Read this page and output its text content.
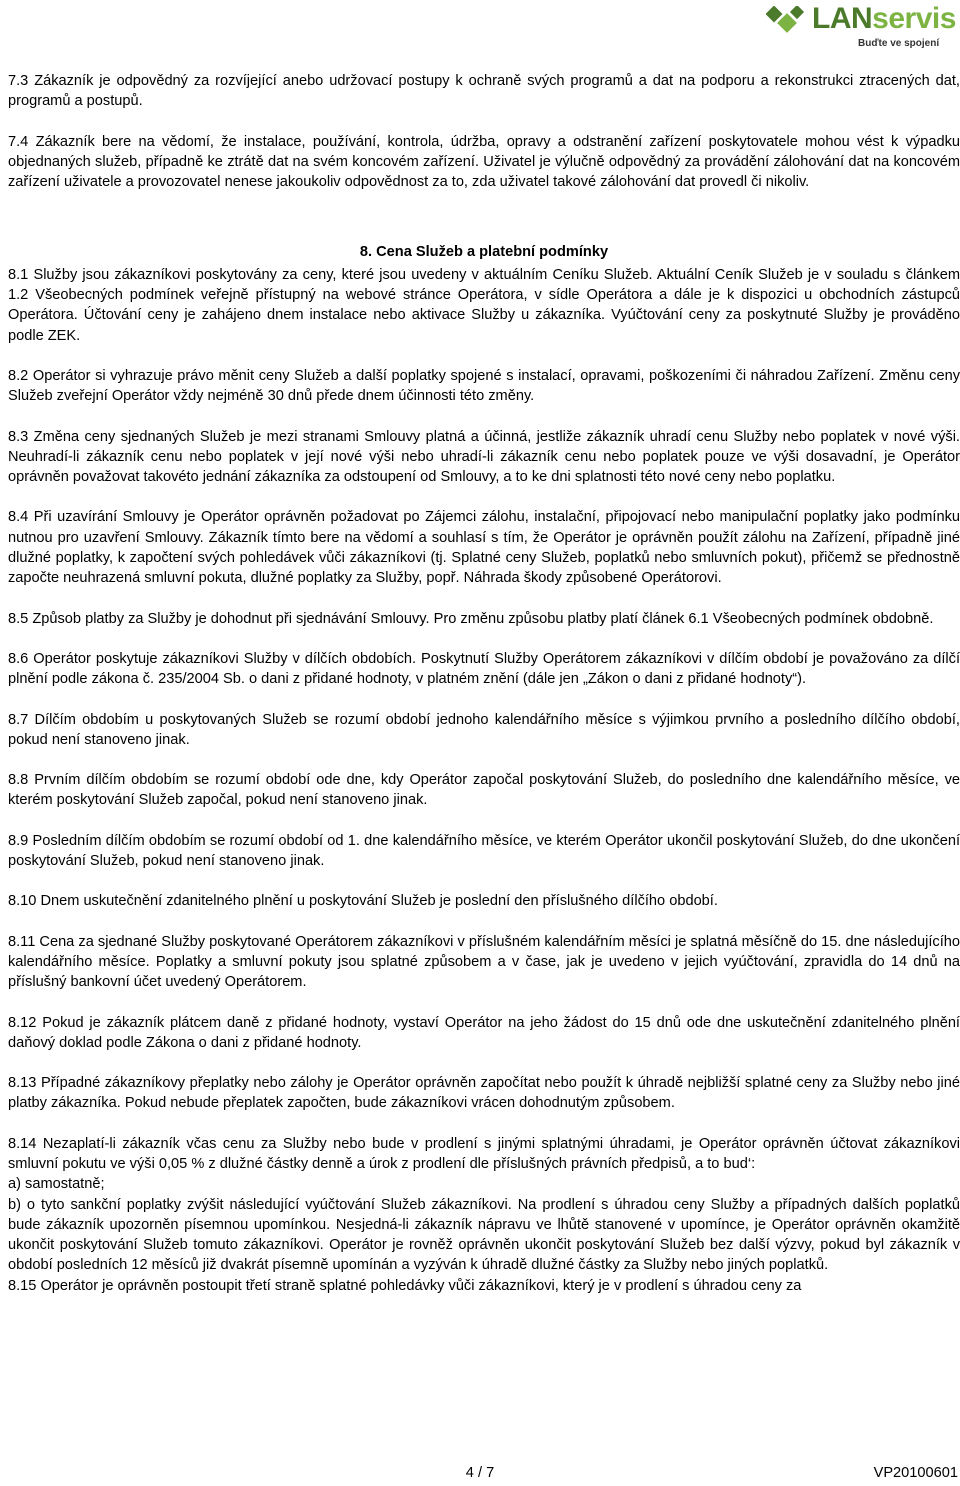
LANservis
Buďte ve spojení

7.3 Zákazník je odpovědný za rozvíjející anebo udržovací postupy k ochraně svých programů a dat na podporu a rekonstrukci ztracených dat, programů a postupů.

7.4 Zákazník bere na vědomí, že instalace, používání, kontrola, údržba, opravy a odstranění zařízení poskytovatele mohou vést k výpadku objednaných služeb, případně ke ztrátě dat na svém koncovém zařízení. Uživatel je výlučně odpovědný za provádění zálohování dat na koncovém zařízení uživatele a provozovatel nenese jakoukoliv odpovědnost za to, zda uživatel takové zálohování dat provedl či nikoliv.

8. Cena Služeb a platební podmínky

8.1 Služby jsou zákazníkovi poskytovány za ceny, které jsou uvedeny v aktuálním Ceníku Služeb. Aktuální Ceník Služeb je v souladu s článkem 1.2 Všeobecných podmínek veřejně přístupný na webové stránce Operátora, v sídle Operátora a dále je k dispozici u obchodních zástupců Operátora. Účtování ceny je zahájeno dnem instalace nebo aktivace Služby u zákazníka. Vyúčtování ceny za poskytnuté Služby je prováděno podle ZEK.

8.2 Operátor si vyhrazuje právo měnit ceny Služeb a další poplatky spojené s instalací, opravami, poškozeními či náhradou Zařízení. Změnu ceny Služeb zveřejní Operátor vždy nejméně 30 dnů přede dnem účinnosti této změny.

8.3 Změna ceny sjednaných Služeb je mezi stranami Smlouvy platná a účinná, jestliže zákazník uhradí cenu Služby nebo poplatek v nové výši. Neuhradí-li zákazník cenu nebo poplatek v její nové výši nebo uhradí-li zákazník cenu nebo poplatek pouze ve výši dosavadní, je Operátor oprávněn považovat takovéto jednání zákazníka za odstoupení od Smlouvy, a to ke dni splatnosti této nové ceny nebo poplatku.

8.4 Při uzavírání Smlouvy je Operátor oprávněn požadovat po Zájemci zálohu, instalační, připojovací nebo manipulační poplatky jako podmínku nutnou pro uzavření Smlouvy. Zákazník tímto bere na vědomí a souhlasí s tím, že Operátor je oprávněn použít zálohu na Zařízení, případně jiné dlužné poplatky, k započtení svých pohledávek vůči zákazníkovi (tj. Splatné ceny Služeb, poplatků nebo smluvních pokut), přičemž se přednostně započte neuhrazená smluvní pokuta, dlužné poplatky za Služby, popř. Náhrada škody způsobené Operátorovi.

8.5 Způsob platby za Služby je dohodnut při sjednávání Smlouvy. Pro změnu způsobu platby platí článek 6.1 Všeobecných podmínek obdobně.

8.6 Operátor poskytuje zákazníkovi Služby v dílčích obdobích. Poskytnutí Služby Operátorem zákazníkovi v dílčím období je považováno za dílčí plnění podle zákona č. 235/2004 Sb. o dani z přidané hodnoty, v platném znění (dále jen „Zákon o dani z přidané hodnoty“).

8.7 Dílčím obdobím u poskytovaných Služeb se rozumí období jednoho kalendářního měsíce s výjimkou prvního a posledního dílčího období, pokud není stanoveno jinak.

8.8 Prvním dílčím obdobím se rozumí období ode dne, kdy Operátor započal poskytování Služeb, do posledního dne kalendářního měsíce, ve kterém poskytování Služeb započal, pokud není stanoveno jinak.

8.9 Posledním dílčím obdobím se rozumí období od 1. dne kalendářního měsíce, ve kterém Operátor ukončil poskytování Služeb, do dne ukončení poskytování Služeb, pokud není stanoveno jinak.

8.10 Dnem uskutečnění zdanitelného plnění u poskytování Služeb je poslední den příslušného dílčího období.

8.11 Cena za sjednané Služby poskytované Operátorem zákazníkovi v příslušném kalendářním měsíci je splatná měsíčně do 15. dne následujícího kalendářního měsíce. Poplatky a smluvní pokuty jsou splatné způsobem a v čase, jak je uvedeno v jejich vyúčtování, zpravidla do 14 dnů na příslušný bankovní účet uvedený Operátorem.

8.12 Pokud je zákazník plátcem daně z přidané hodnoty, vystaví Operátor na jeho žádost do 15 dnů ode dne uskutečnění zdanitelného plnění daňový doklad podle Zákona o dani z přidané hodnoty.

8.13 Případné zákazníkovy přeplatky nebo zálohy je Operátor oprávněn započítat nebo použít k úhradě nejbližší splatné ceny za Služby nebo jiné platby zákazníka. Pokud nebude přeplatek započten, bude zákazníkovi vrácen dohodnutým způsobem.

8.14 Nezaplatí-li zákazník včas cenu za Služby nebo bude v prodlení s jinými splatnými úhradami, je Operátor oprávněn účtovat zákazníkovi smluvní pokutu ve výši 0,05 % z dlužné částky denně a úrok z prodlení dle příslušných právních předpisů, a to bud‘:

a) samostatně;

b) o tyto sankční poplatky zvýšit následující vyúčtování Služeb zákazníkovi. Na prodlení s úhradou ceny Služby a případných dalších poplatků bude zákazník upozorněn písemnou upomínkou. Nesjedná-li zákazník nápravu ve lhůtě stanovené v upomínce, je Operátor oprávněn okamžitě ukončit poskytování Služeb tomuto zákazníkovi. Operátor je rovněž oprávněn ukončit poskytování Služeb bez další výzvy, pokud byl zákazník v období posledních 12 měsíců již dvakrát písemně upomínán a vyzýván k úhradě dlužné částky za Služby nebo jiných poplatků.

8.15 Operátor je oprávněn postoupit třetí straně splatné pohledávky vůči zákazníkovi, který je v prodlení s úhradou ceny za

4 / 7	VP20100601
